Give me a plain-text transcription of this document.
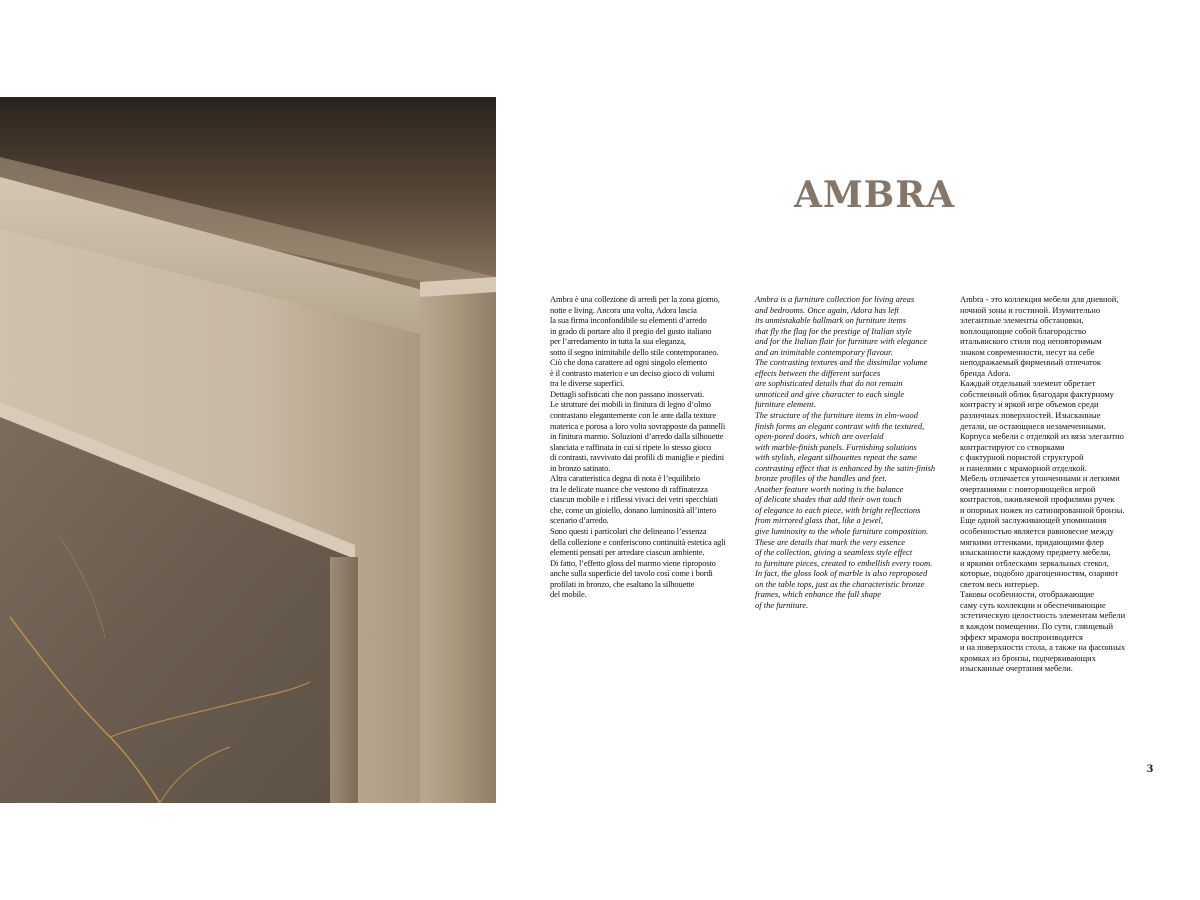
AMBRA

Ambra è una collezione di arredi per la zona giorno,
notte e living. Ancora una volta, Adora lascia
la sua firma inconfondibile su elementi d’arredo
in grado di portare alto il pregio del gusto italiano
per l’arredamento in tutta la sua eleganza,
sotto il segno inimitabile dello stile contemporaneo.
Ciò che dona carattere ad ogni singolo elemento
è il contrasto materico e un deciso gioco di volumi
tra le diverse superfici.
Dettagli sofisticati che non passano inosservati.
Le strutture dei mobili in finitura di legno d’olmo
contrastano elegantemente con le ante dalla texture
materica e porosa a loro volta sovrapposte da pannelli
in finitura marmo. Soluzioni d’arredo dalla silhouette
slanciata e raffinata in cui si ripete lo stesso gioco
di contrasti, ravvivato dai profili di maniglie e piedini
in bronzo satinato.
Altra caratteristica degna di nota è l’equilibrio
tra le delicate nuance che vestono di raffinatezza
ciascun mobile e i riflessi vivaci dei vetri specchiati
che, come un gioiello, donano luminosità all’intero
scenario d’arredo.
Sono questi i particolari che delineano l’essenza
della collezione e conferiscono continuità estetica agli
elementi pensati per arredare ciascun ambiente.
Di fatto, l’effetto gloss del marmo viene riproposto
anche sulla superficie del tavolo così come i bordi
profilati in bronzo, che esaltano la silhouette
del mobile.

Ambra is a furniture collection for living areas
and bedrooms. Once again, Adora has left
its unmistakable hallmark on furniture items
that fly the flag for the prestige of Italian style
and for the Italian flair for furniture with elegance
and an inimitable contemporary flavour.
The contrasting textures and the dissimilar volume
effects between the different surfaces
are sophisticated details that do not remain
unnoticed and give character to each single
furniture element.
The structure of the furniture items in elm-wood
finish forms an elegant contrast with the textured,
open-pored doors, which are overlaid
with marble-finish panels. Furnishing solutions
with stylish, elegant silhouettes repeat the same
contrasting effect that is enhanced by the satin-finish
bronze profiles of the handles and feet.
Another feature worth noting is the balance
of delicate shades that add their own touch
of elegance to each piece, with bright reflections
from mirrored glass that, like a jewel,
give luminosity to the whole furniture composition.
These are details that mark the very essence
of the collection, giving a seamless style effect
to furniture pieces, created to embellish every room.
In fact, the gloss look of marble is also reproposed
on the table tops, just as the characteristic bronze
frames, which enhance the full shape
of the furniture.

Ambra - это коллекция мебели для дневной,
ночной зоны и гостиной. Изумительно
элегантные элементы обстановки,
воплощающие собой благородство
итальянского стиля под неповторимым
знаком современности, несут на себе
неподражаемый фирменный отпечаток
бренда Adora.
Каждый отдельный элемент обретает
собственный облик благодаря фактурному
контрасту и яркой игре объемов среди
различных поверхностей. Изысканные
детали, не остающиеся незамеченными.
Корпуса мебели с отделкой из вяза элегантно
контрастируют со створками
с фактурной пористой структурой
и панелями с мраморной отделкой.
Мебель отличается утонченными и легкими
очертаниями с повторяющейся игрой
контрастов, оживляемой профилями ручек
и опорных ножек из сатинированной бронзы.
Еще одной заслуживающей упоминания
особенностью является равновесие между
мягкими оттенками, придающими флер
изысканности каждому предмету мебели,
и яркими отблесками зеркальных стекол,
которые, подобно драгоценностям, озаряют
светом весь интерьер.
Таковы особенности, отображающие
саму суть коллекции и обеспечивающие
эстетическую целостность элементам мебели
в каждом помещении. По сути, глянцевый
эффект мрамора воспроизводится
и на поверхности стола, а также на фасонных
кромках из бронзы, подчеркивающих
изысканные очертания мебели.

3
